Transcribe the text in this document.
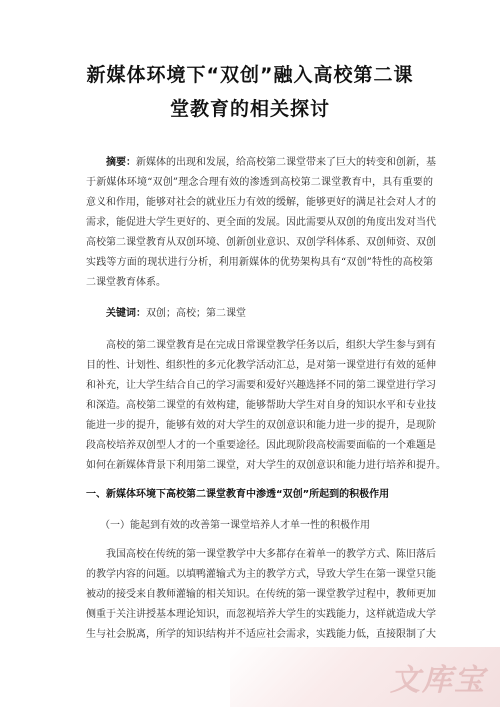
新媒体环境下“双创”融入高校第二课
堂教育的相关探讨
摘要：新媒体的出现和发展，给高校第二课堂带来了巨大的转变和创新，基
于新媒体环境“双创”理念合理有效的渗透到高校第二课堂教育中，具有重要的
意义和作用，能够对社会的就业压力有效的缓解，能够更好的满足社会对人才的
需求，能促进大学生更好的、更全面的发展。因此需要从双创的角度出发对当代
高校第二课堂教育从双创环境、创新创业意识、双创学科体系、双创师资、双创
实践等方面的现状进行分析，利用新媒体的优势架构具有“双创”特性的高校第
二课堂教育体系。
关键词：双创；高校；第二课堂
高校的第二课堂教育是在完成日常课堂教学任务以后，组织大学生参与到有
目的性、计划性、组织性的多元化教学活动汇总，是对第一课堂进行有效的延伸
和补充，让大学生结合自己的学习需要和爱好兴趣选择不同的第二课堂进行学习
和深造。高校第二课堂的有效构建，能够帮助大学生对自身的知识水平和专业技
能进一步的提升，能够有效的对大学生的双创意识和能力进一步的提升，是现阶
段高校培养双创型人才的一个重要途径。因此现阶段高校需要面临的一个难题是
如何在新媒体背景下利用第二课堂，对大学生的双创意识和能力进行培养和提升。
一、新媒体环境下高校第二课堂教育中渗透“双创”所起到的积极作用
（一）能起到有效的改善第一课堂培养人才单一性的积极作用
我国高校在传统的第一课堂教学中大多都存在着单一的教学方式、陈旧落后
的教学内容的问题。以填鸭灌输式为主的教学方式，导致大学生在第一课堂只能
被动的接受来自教师灌输的相关知识。在传统的第一课堂教学过程中，教师更加
侧重于关注讲授基本理论知识，而忽视培养大学生的实践能力，这样就造成大学
生与社会脱离，所学的知识结构并不适应社会需求，实践能力低，直接限制了大
文库宝
